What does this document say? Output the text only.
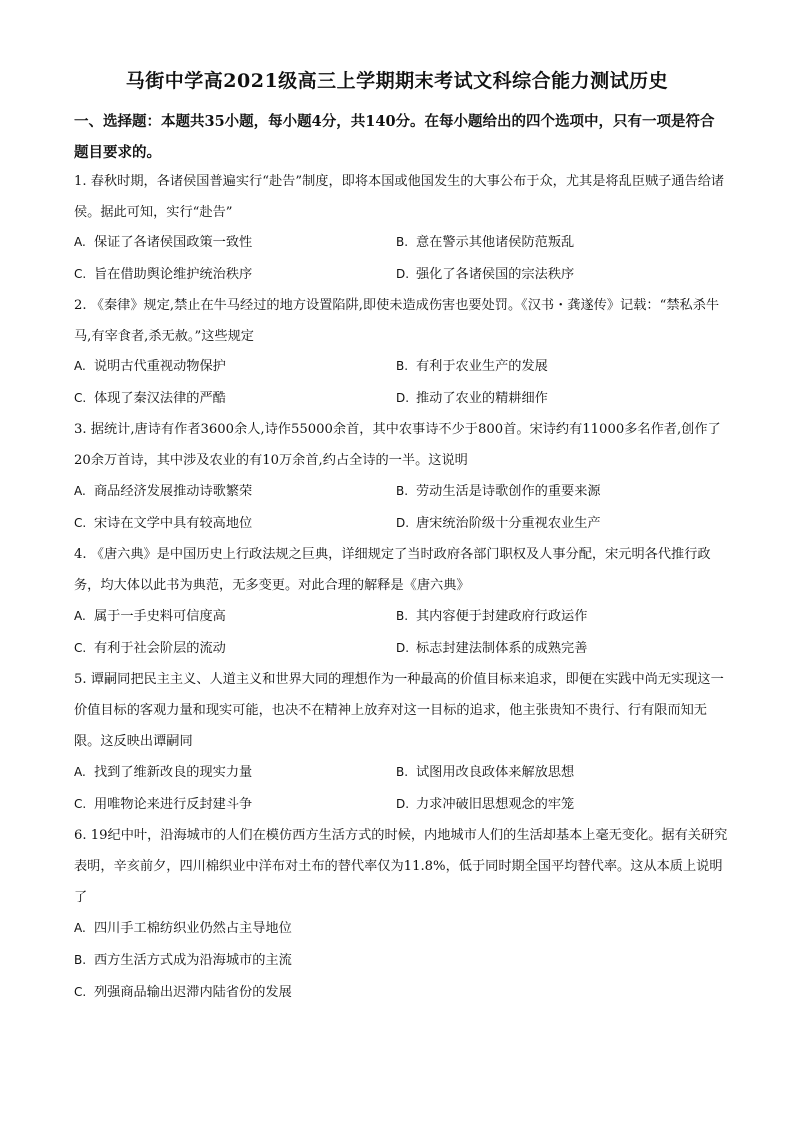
马街中学高2021级高三上学期期末考试文科综合能力测试历史
一、选择题：本题共35小题，每小题4分，共140分。在每小题给出的四个选项中，只有一项是符合题目要求的。
1. 春秋时期，各诸侯国普遍实行“赴告”制度，即将本国或他国发生的大事公布于众，尤其是将乱臣贼子通告给诸侯。据此可知，实行“赴告”
A. 保证了各诸侯国政策一致性	B. 意在警示其他诸侯防范叛乱
C. 旨在借助舆论维护统治秩序	D. 强化了各诸侯国的宗法秩序
2. 《秦律》规定,禁止在牛马经过的地方设置陷阱,即使未造成伤害也要处罚。《汉书・龚遂传》记载：“禁私杀牛马,有宰食者,杀无赦。”这些规定
A. 说明古代重视动物保护	B. 有利于农业生产的发展
C. 体现了秦汉法律的严酷	D. 推动了农业的精耕细作
3. 据统计,唐诗有作者3600余人,诗作55000余首，其中农事诗不少于800首。宋诗约有11000多名作者,创作了20余万首诗，其中涉及农业的有10万余首,约占全诗的一半。这说明
A. 商品经济发展推动诗歌繁荣	B. 劳动生活是诗歌创作的重要来源
C. 宋诗在文学中具有较高地位	D. 唐宋统治阶级十分重视农业生产
4. 《唐六典》是中国历史上行政法规之巨典，详细规定了当时政府各部门职权及人事分配，宋元明各代推行政务，均大体以此书为典范，无多变更。对此合理的解释是《唐六典》
A. 属于一手史料可信度高	B. 其内容便于封建政府行政运作
C. 有利于社会阶层的流动	D. 标志封建法制体系的成熟完善
5. 谭嗣同把民主主义、人道主义和世界大同的理想作为一种最高的价值目标来追求，即便在实践中尚无实现这一价值目标的客观力量和现实可能，也决不在精神上放弃对这一目标的追求，他主张贵知不贵行、行有限而知无限。这反映出谭嗣同
A. 找到了维新改良的现实力量	B. 试图用改良政体来解放思想
C. 用唯物论来进行反封建斗争	D. 力求冲破旧思想观念的牢笼
6. 19纪中叶，沿海城市的人们在模仿西方生活方式的时候，内地城市人们的生活却基本上毫无变化。据有关研究表明，辛亥前夕，四川棉织业中洋布对土布的替代率仅为11.8%，低于同时期全国平均替代率。这从本质上说明了
A. 四川手工棉纺织业仍然占主导地位
B. 西方生活方式成为沿海城市的主流
C. 列强商品输出迟滞内陆省份的发展
